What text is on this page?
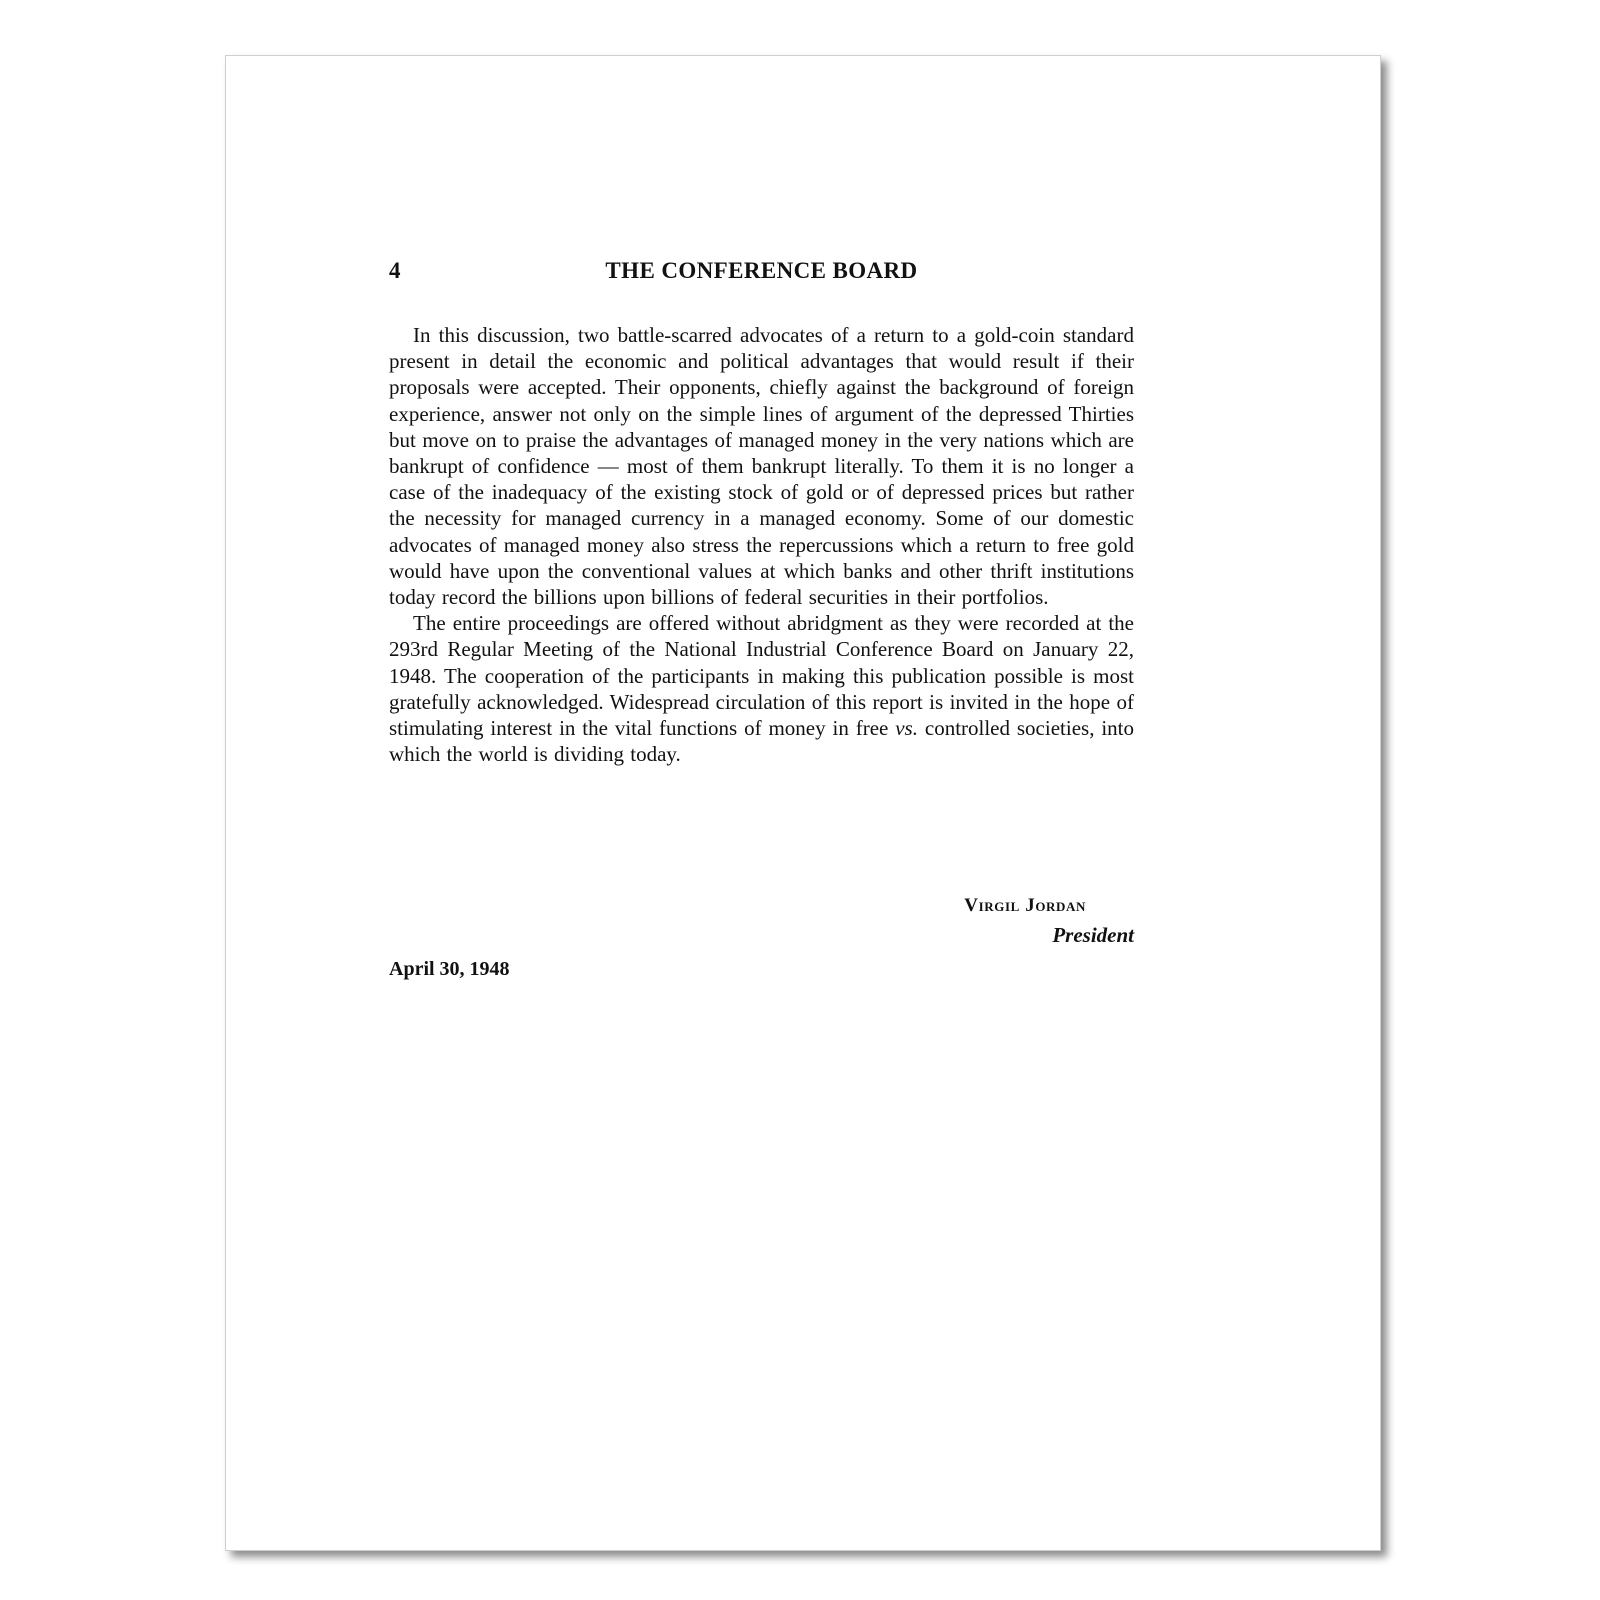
4	THE CONFERENCE BOARD

In this discussion, two battle-scarred advocates of a return to a gold-coin standard present in detail the economic and political advantages that would result if their proposals were accepted. Their opponents, chiefly against the background of foreign experience, answer not only on the simple lines of argument of the depressed Thirties but move on to praise the advantages of managed money in the very nations which are bankrupt of confidence — most of them bankrupt literally. To them it is no longer a case of the inadequacy of the existing stock of gold or of depressed prices but rather the necessity for managed currency in a managed economy. Some of our domestic advocates of managed money also stress the repercussions which a return to free gold would have upon the conventional values at which banks and other thrift institutions today record the billions upon billions of federal securities in their portfolios.

The entire proceedings are offered without abridgment as they were recorded at the 293rd Regular Meeting of the National Industrial Conference Board on January 22, 1948. The cooperation of the participants in making this publication possible is most gratefully acknowledged. Widespread circulation of this report is invited in the hope of stimulating interest in the vital functions of money in free vs. controlled societies, into which the world is dividing today.

Virgil Jordan
President
April 30, 1948
